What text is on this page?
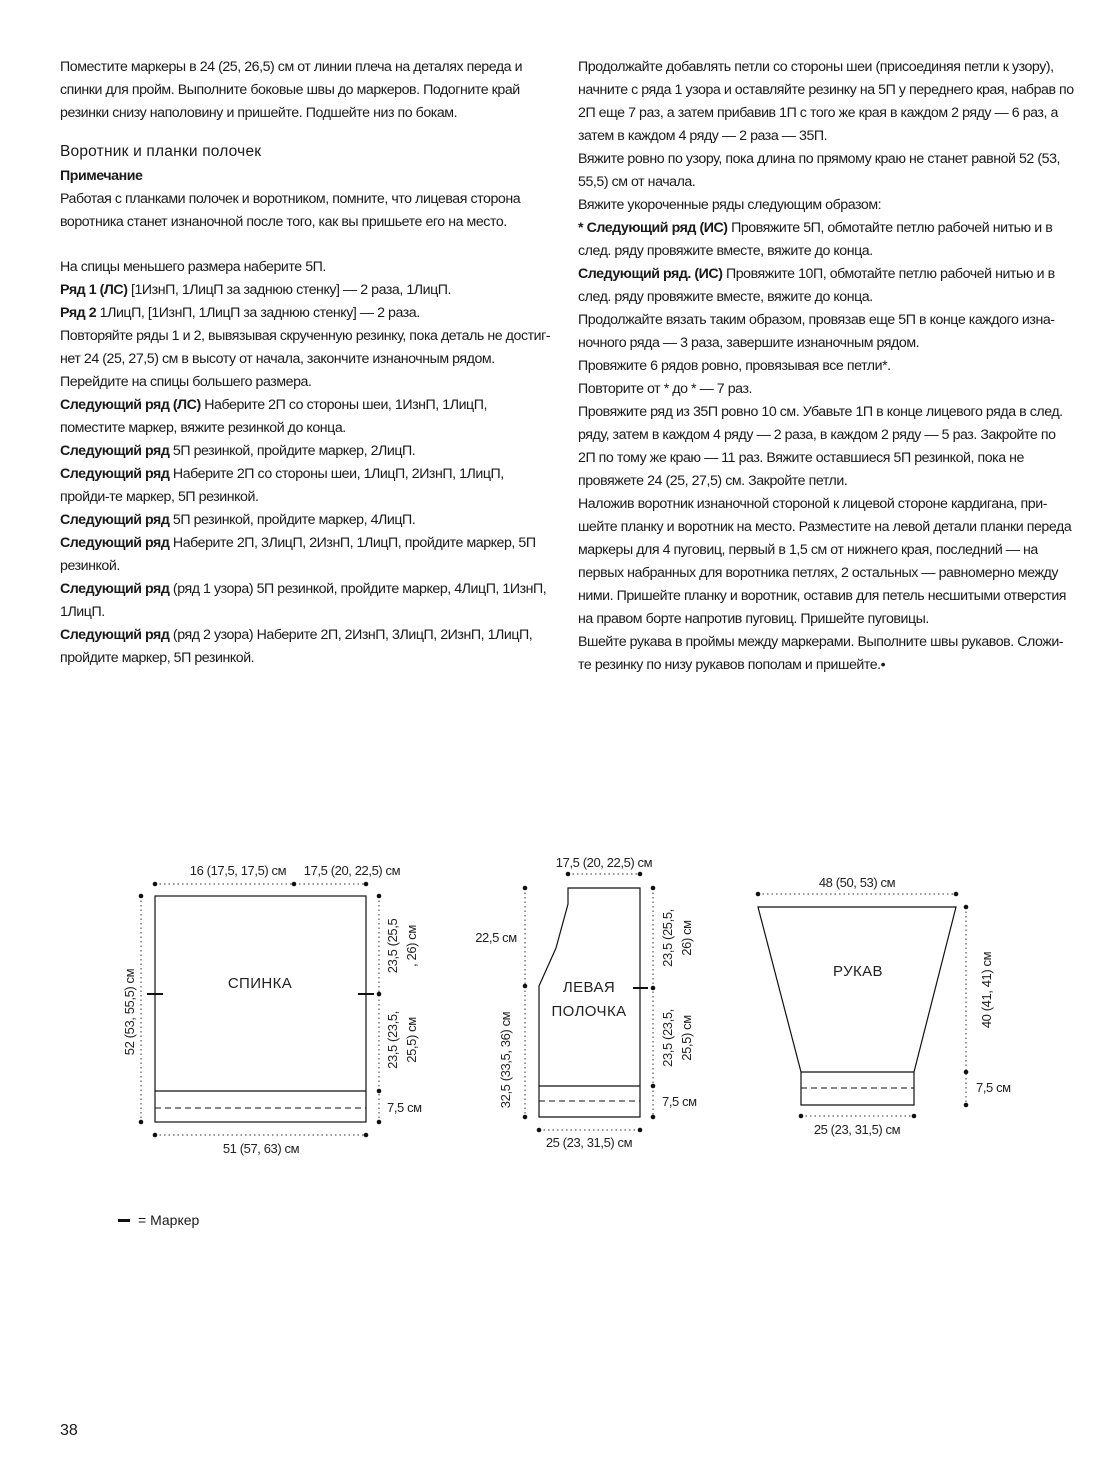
Поместите маркеры в 24 (25, 26,5) см от линии плеча на деталях переда и спинки для пройм. Выполните боковые швы до маркеров. Подогните край резинки снизу наполовину и пришейте. Подшейте низ по бокам.

Воротник и планки полочек

Примечание

Работая с планками полочек и воротником, помните, что лицевая сторона воротника станет изнаночной после того, как вы пришьете его на место.

На спицы меньшего размера наберите 5П.

Ряд 1 (ЛС) [1ИзнП, 1ЛицП за заднюю стенку] — 2 раза, 1ЛицП.

Ряд 2 1ЛицП, [1ИзнП, 1ЛицП за заднюю стенку] — 2 раза.

Повторяйте ряды 1 и 2, вывязывая скрученную резинку, пока деталь не достиг-нет 24 (25, 27,5) см в высоту от начала, закончите изнаночным рядом.

Перейдите на спицы большего размера.

Следующий ряд (ЛС) Наберите 2П со стороны шеи, 1ИзнП, 1ЛицП, поместите маркер, вяжите резинкой до конца.

Следующий ряд 5П резинкой, пройдите маркер, 2ЛицП.

Следующий ряд Наберите 2П со стороны шеи, 1ЛицП, 2ИзнП, 1ЛицП, пройди-те маркер, 5П резинкой.

Следующий ряд 5П резинкой, пройдите маркер, 4ЛицП.

Следующий ряд Наберите 2П, 3ЛицП, 2ИзнП, 1ЛицП, пройдите маркер, 5П резинкой.

Следующий ряд (ряд 1 узора) 5П резинкой, пройдите маркер, 4ЛицП, 1ИзнП, 1ЛицП.

Следующий ряд (ряд 2 узора) Наберите 2П, 2ИзнП, 3ЛицП, 2ИзнП, 1ЛицП, пройдите маркер, 5П резинкой.

Продолжайте добавлять петли со стороны шеи (присоединяя петли к узору), начните с ряда 1 узора и оставляйте резинку на 5П у переднего края, набрав по 2П еще 7 раз, а затем прибавив 1П с того же края в каждом 2 ряду — 6 раз, а затем в каждом 4 ряду — 2 раза — 35П.

Вяжите ровно по узору, пока длина по прямому краю не станет равной 52 (53, 55,5) см от начала.

Вяжите укороченные ряды следующим образом:

* Следующий ряд (ИС) Провяжите 5П, обмотайте петлю рабочей нитью и в след. ряду провяжите вместе, вяжите до конца.

Следующий ряд. (ИС) Провяжите 10П, обмотайте петлю рабочей нитью и в след. ряду провяжите вместе, вяжите до конца.

Продолжайте вязать таким образом, провязав еще 5П в конце каждого изна-ночного ряда — 3 раза, завершите изнаночным рядом.

Провяжите 6 рядов ровно, провязывая все петли*.

Повторите от * до * — 7 раз.

Провяжите ряд из 35П ровно 10 см. Убавьте 1П в конце лицевого ряда в след. ряду, затем в каждом 4 ряду — 2 раза, в каждом 2 ряду — 5 раз. Закройте по 2П по тому же краю — 11 раз. Вяжите оставшиеся 5П резинкой, пока не провяжете 24 (25, 27,5) см. Закройте петли.

Наложив воротник изнаночной стороной к лицевой стороне кардигана, при-шейте планку и воротник на место. Разместите на левой детали планки переда маркеры для 4 пуговиц, первый в 1,5 см от нижнего края, последний — на первых набранных для воротника петлях, 2 остальных — равномерно между ними. Пришейте планку и воротник, оставив для петель несшитыми отверстия на правом борте напротив пуговиц. Пришейте пуговицы.

Вшейте рукава в проймы между маркерами. Выполните швы рукавов. Сложи-те резинку по низу рукавов пополам и пришейте.•

СПИНКА
16 (17,5, 17,5) см 17,5 (20, 22,5) см
52 (53, 55,5) см
23,5 (25,5 , 26) см
23,5 (23,5, 25,5) см
7,5 см
51 (57, 63) см
ЛЕВАЯ
ПОЛОЧКА
17,5 (20, 22,5) см
22,5 см
32,5 (33,5, 36) см
23,5 (25,5, 26) см
23,5 (23,5, 25,5) см
7,5 см
25 (23, 31,5) см
РУКАВ
48 (50, 53) см
40 (41, 41) см
7,5 см
25 (23, 31,5) см
= Маркер
38
